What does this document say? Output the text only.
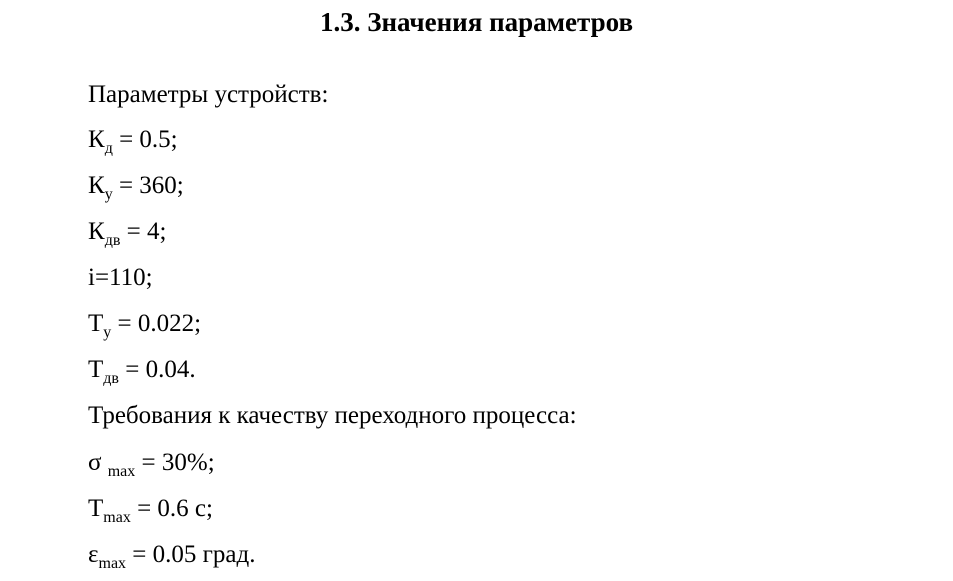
1.3. Значения параметров
Параметры устройств:
$К_д = 0.5$;
$К_у = 360$;
$К_{дв} = 4$;
i=110;
$Т_у = 0.022$;
$Т_{дв} = 0.04$.
Требования к качеству переходного процесса:
σ $_{max}$ = 30%;
$T_{max} = 0.6$ с;
$\varepsilon_{max} = 0.05$ град.
